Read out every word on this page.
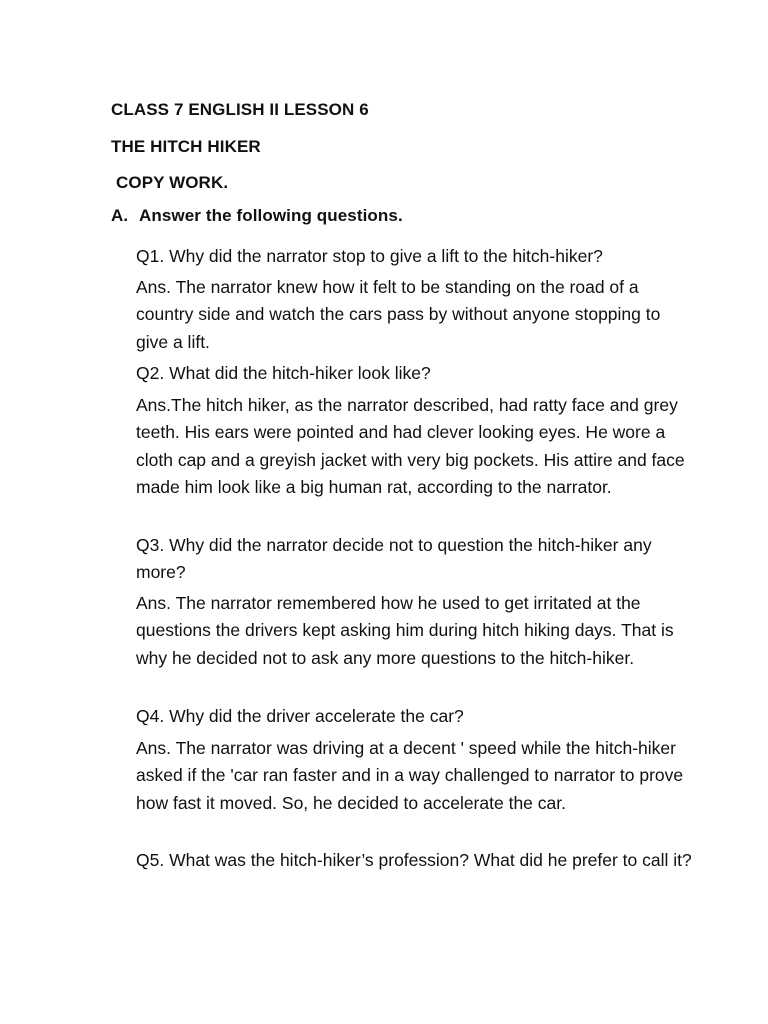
CLASS 7 ENGLISH II LESSON 6
THE HITCH HIKER
COPY WORK.
A. Answer the following questions.

Q1. Why did the narrator stop to give a lift to the hitch-hiker?

Ans. The narrator knew how it felt to be standing on the road of a country side and watch the cars pass by without anyone stopping to give a lift.

Q2. What did the hitch-hiker look like?

Ans.The hitch hiker, as the narrator described, had ratty face and grey teeth. His ears were pointed and had clever looking eyes. He wore a cloth cap and a greyish jacket with very big pockets. His attire and face made him look like a big human rat, according to the narrator.

Q3. Why did the narrator decide not to question the hitch-hiker any more?

Ans. The narrator remembered how he used to get irritated at the questions the drivers kept asking him during hitch hiking days. That is why he decided not to ask any more questions to the hitch-hiker.

Q4. Why did the driver accelerate the car?

Ans. The narrator was driving at a decent ' speed while the hitch-hiker asked if the 'car ran faster and in a way challenged to narrator to prove how fast it moved. So, he decided to accelerate the car.

Q5. What was the hitch-hiker’s profession? What did he prefer to call it?
